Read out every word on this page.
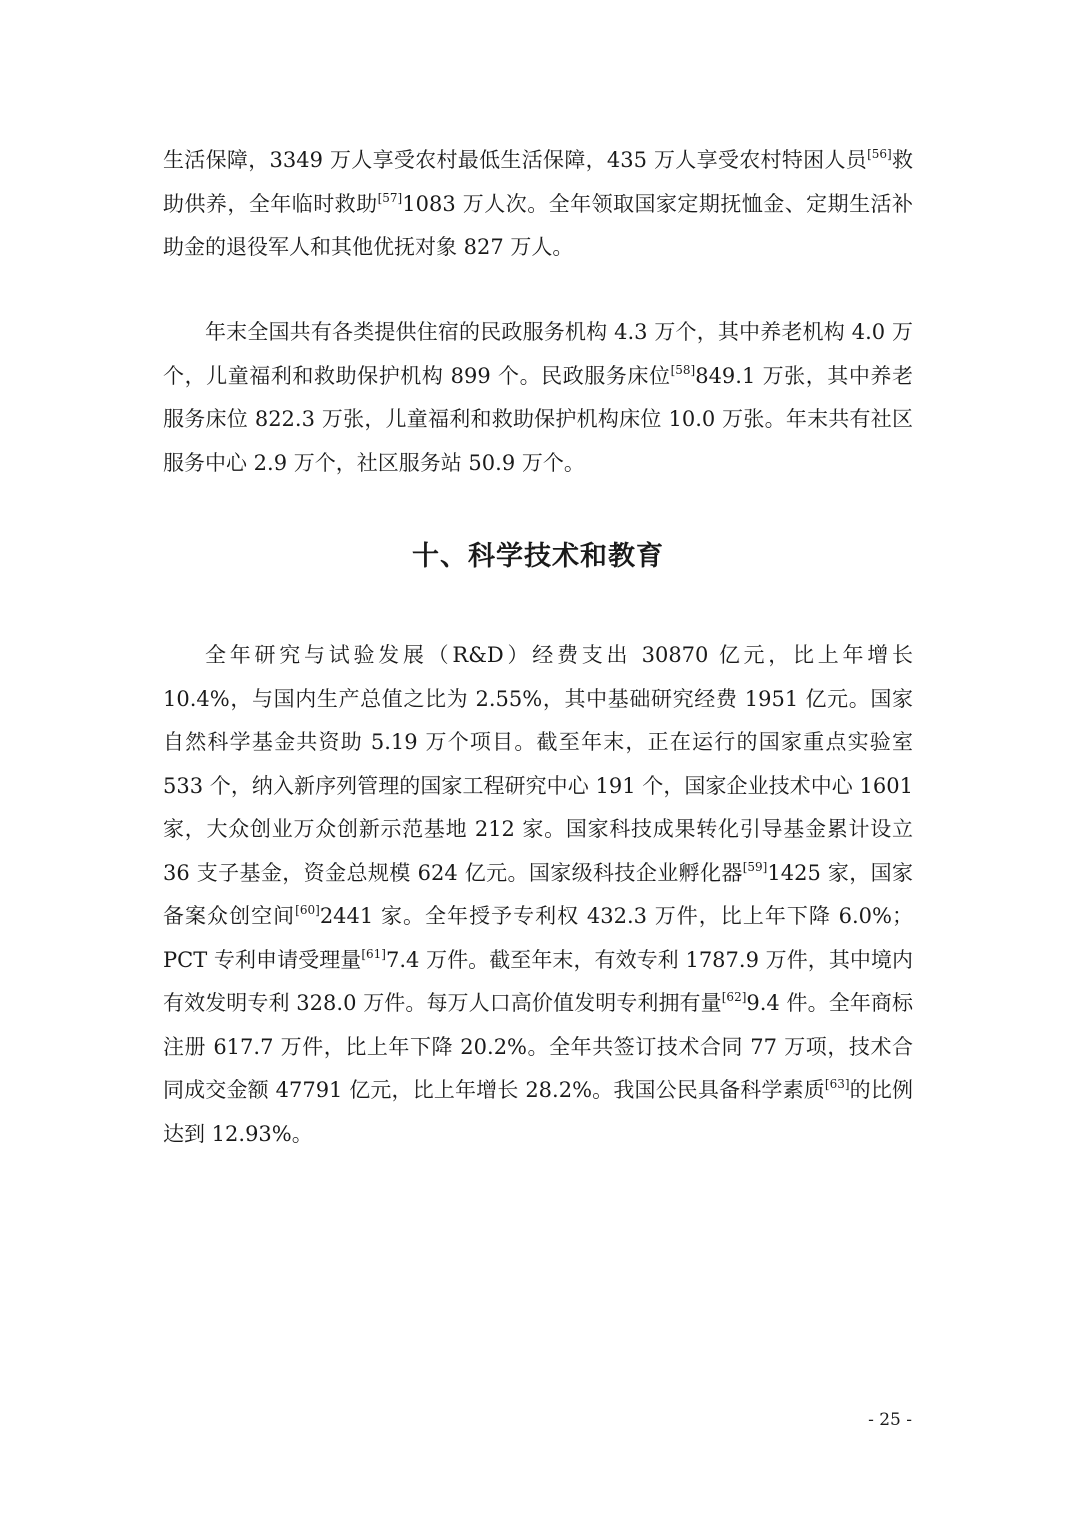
生活保障，3349 万人享受农村最低生活保障，435 万人享受农村特困人员[56]救助供养，全年临时救助[57]1083 万人次。全年领取国家定期抚恤金、定期生活补助金的退役军人和其他优抚对象 827 万人。

年末全国共有各类提供住宿的民政服务机构 4.3 万个，其中养老机构 4.0 万个，儿童福利和救助保护机构 899 个。民政服务床位[58]849.1 万张，其中养老服务床位 822.3 万张，儿童福利和救助保护机构床位 10.0 万张。年末共有社区服务中心 2.9 万个，社区服务站 50.9 万个。

十、科学技术和教育

全年研究与试验发展（R&D）经费支出 30870 亿元，比上年增长 10.4%，与国内生产总值之比为 2.55%，其中基础研究经费 1951 亿元。国家自然科学基金共资助 5.19 万个项目。截至年末，正在运行的国家重点实验室 533 个，纳入新序列管理的国家工程研究中心 191 个，国家企业技术中心 1601 家，大众创业万众创新示范基地 212 家。国家科技成果转化引导基金累计设立 36 支子基金，资金总规模 624 亿元。国家级科技企业孵化器[59]1425 家，国家备案众创空间[60]2441 家。全年授予专利权 432.3 万件，比上年下降 6.0%；PCT 专利申请受理量[61]7.4 万件。截至年末，有效专利 1787.9 万件，其中境内有效发明专利 328.0 万件。每万人口高价值发明专利拥有量[62]9.4 件。全年商标注册 617.7 万件，比上年下降 20.2%。全年共签订技术合同 77 万项，技术合同成交金额 47791 亿元，比上年增长 28.2%。我国公民具备科学素质[63]的比例达到 12.93%。

- 25 -
